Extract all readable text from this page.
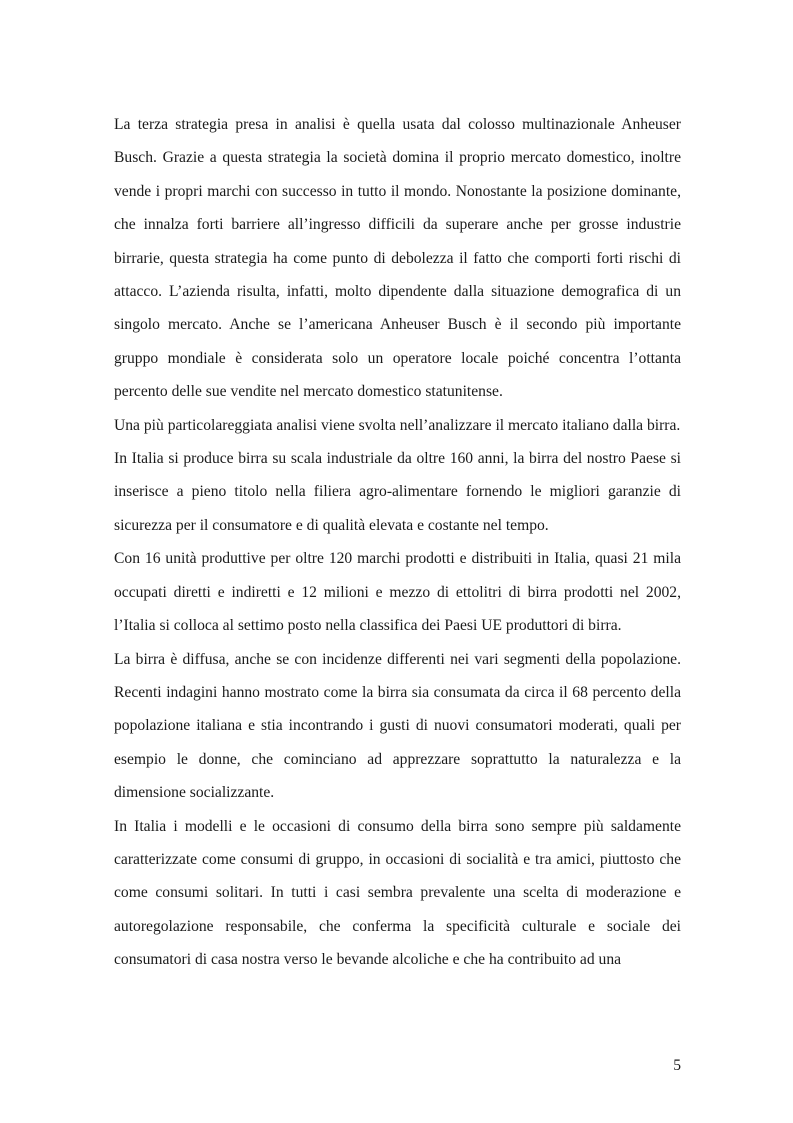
La terza strategia presa in analisi è quella usata dal colosso multinazionale Anheuser Busch. Grazie a questa strategia la società domina il proprio mercato domestico, inoltre vende i propri marchi con successo in tutto il mondo. Nonostante la posizione dominante, che innalza forti barriere all’ingresso difficili da superare anche per grosse industrie birrarie, questa strategia ha come punto di debolezza il fatto che comporti forti rischi di attacco. L’azienda risulta, infatti, molto dipendente dalla situazione demografica di un singolo mercato. Anche se l’americana Anheuser Busch è il secondo più importante gruppo mondiale è considerata solo un operatore locale poiché concentra l’ottanta percento delle sue vendite nel mercato domestico statunitense.

Una più particolareggiata analisi viene svolta nell’analizzare il mercato italiano dalla birra.

In Italia si produce birra su scala industriale da oltre 160 anni, la birra del nostro Paese si inserisce a pieno titolo nella filiera agro-alimentare fornendo le migliori garanzie di sicurezza per il consumatore e di qualità elevata e costante nel tempo.

Con 16 unità produttive per oltre 120 marchi prodotti e distribuiti in Italia, quasi 21 mila occupati diretti e indiretti e 12 milioni e mezzo di ettolitri di birra prodotti nel 2002, l’Italia si colloca al settimo posto nella classifica dei Paesi UE produttori di birra.

La birra è diffusa, anche se con incidenze differenti nei vari segmenti della popolazione. Recenti indagini hanno mostrato come la birra sia consumata da circa il 68 percento della popolazione italiana e stia incontrando i gusti di nuovi consumatori moderati, quali per esempio le donne, che cominciano ad apprezzare soprattutto la naturalezza e la dimensione socializzante.

In Italia i modelli e le occasioni di consumo della birra sono sempre più saldamente caratterizzate come consumi di gruppo, in occasioni di socialità e tra amici, piuttosto che come consumi solitari. In tutti i casi sembra prevalente una scelta di moderazione e autoregolazione responsabile, che conferma la specificità culturale e sociale dei consumatori di casa nostra verso le bevande alcoliche e che ha contribuito ad una

5
